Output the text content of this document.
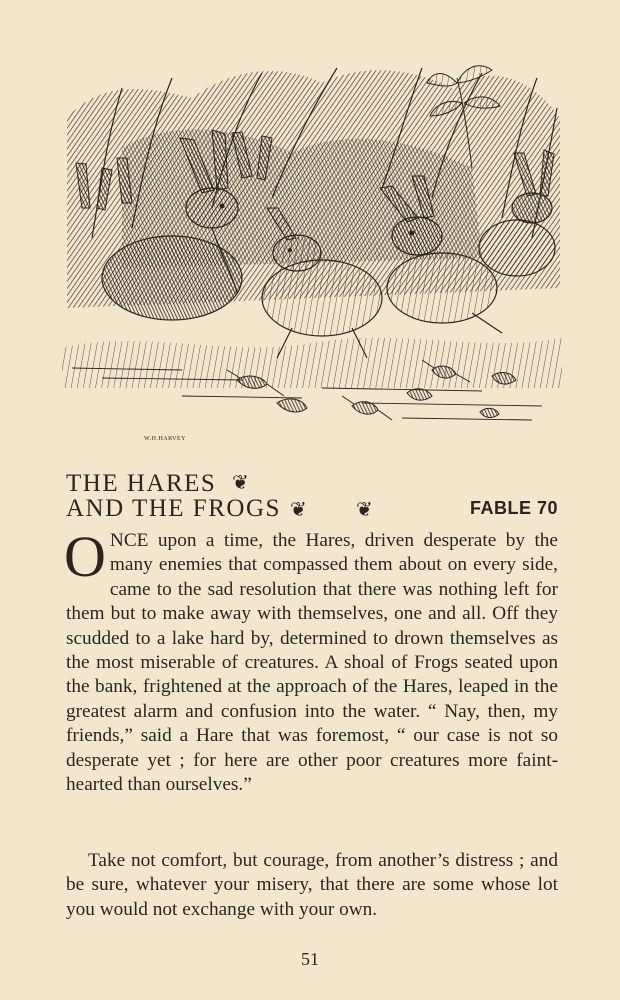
W.H.HARVEY
THE HARES ❦
AND THE FROGS ❦ ❦	FABLE 70
ONCE upon a time, the Hares, driven desperate by the many enemies that compassed them about on every side, came to the sad resolution that there was nothing left for them but to make away with themselves, one and all. Off they scudded to a lake hard by, determined to drown themselves as the most miserable of creatures. A shoal of Frogs seated upon the bank, frightened at the approach of the Hares, leaped in the greatest alarm and confusion into the water. “ Nay, then, my friends,” said a Hare that was foremost, “ our case is not so desperate yet ; for here are other poor creatures more faint-hearted than ourselves.”
Take not comfort, but courage, from another’s distress ; and be sure, whatever your misery, that there are some whose lot you would not exchange with your own.
51
